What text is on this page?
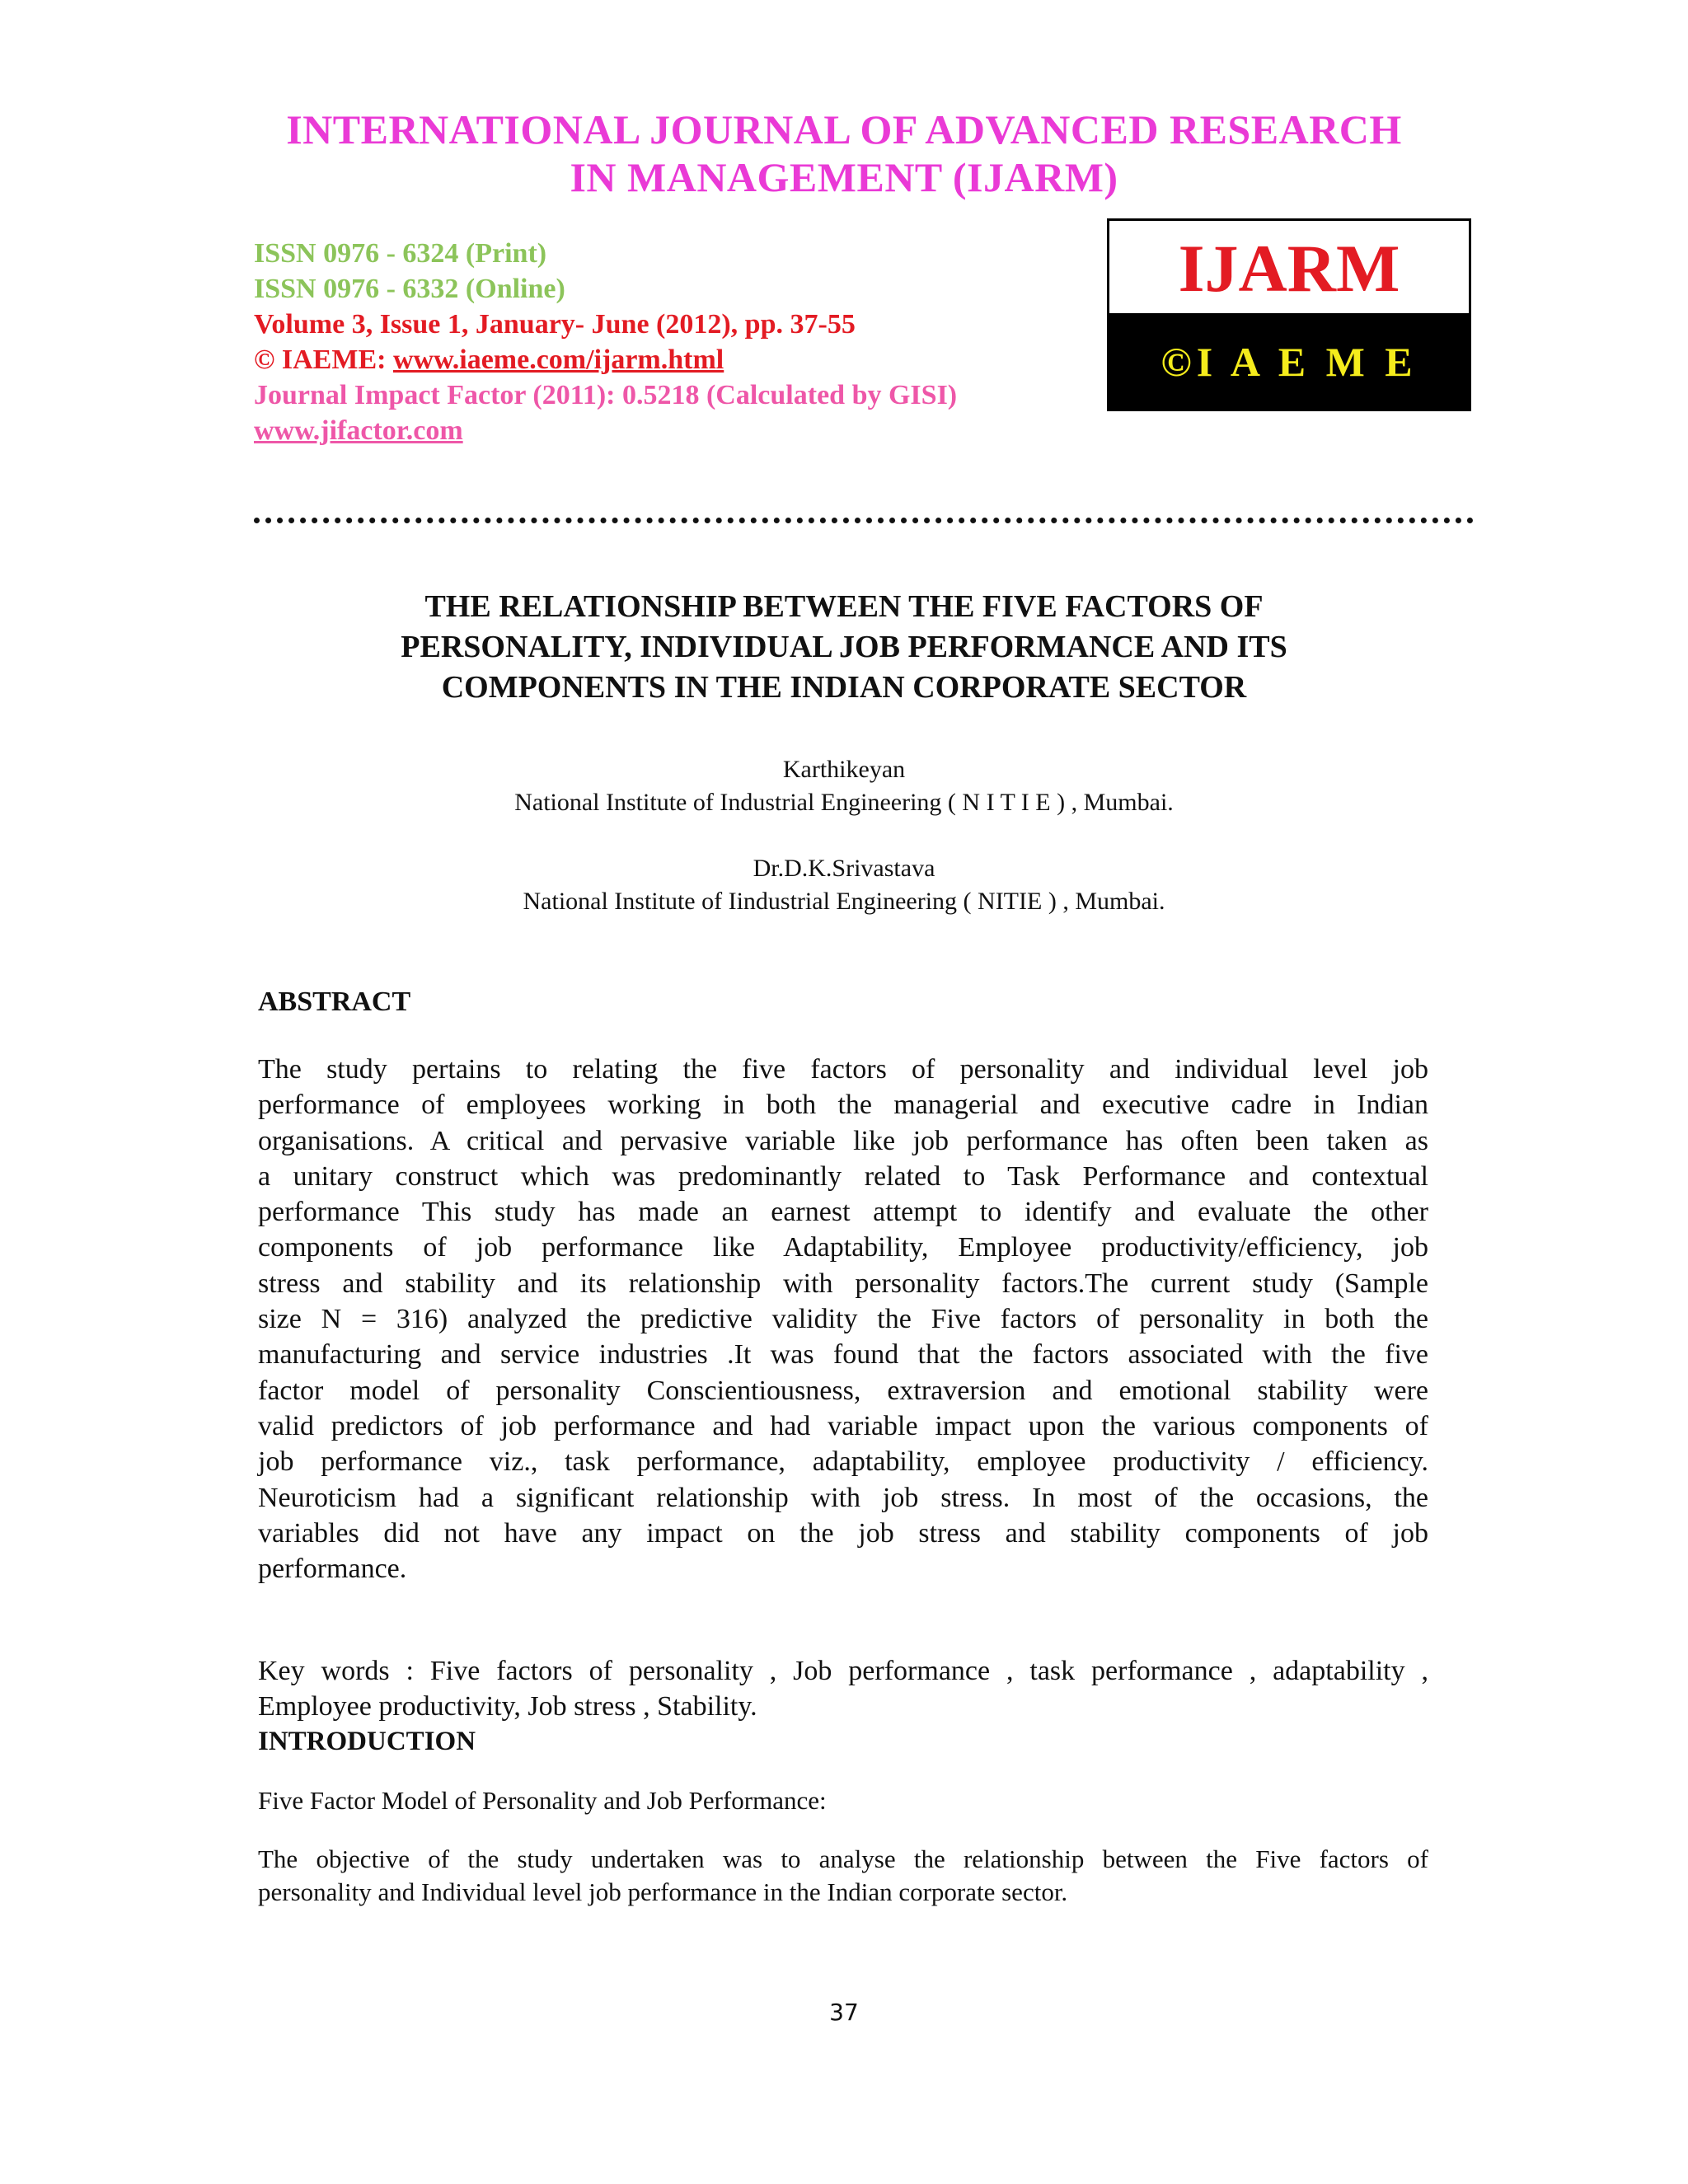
INTERNATIONAL JOURNAL OF ADVANCED RESEARCH
IN MANAGEMENT (IJARM)
ISSN 0976 - 6324 (Print)
ISSN 0976 - 6332 (Online)
Volume 3, Issue 1, January- June (2012), pp. 37-55
© IAEME: www.iaeme.com/ijarm.html
Journal Impact Factor (2011): 0.5218 (Calculated by GISI)
www.jifactor.com
IJARM
©I A E M E
THE RELATIONSHIP BETWEEN THE FIVE FACTORS OF
PERSONALITY, INDIVIDUAL JOB PERFORMANCE AND ITS
COMPONENTS IN THE INDIAN CORPORATE SECTOR
Karthikeyan
National Institute of Industrial Engineering ( N I T I E ) , Mumbai.
Dr.D.K.Srivastava
National Institute of Iindustrial Engineering ( NITIE ) , Mumbai.
ABSTRACT
The study pertains to relating the five factors of personality and individual level job
performance of employees working in both the managerial and executive cadre in Indian
organisations. A critical and pervasive variable like job performance has often been taken as
a unitary construct which was predominantly related to Task Performance and contextual
performance This study has made an earnest attempt to identify and evaluate the other
components of job performance like Adaptability, Employee productivity/efficiency, job
stress and stability and its relationship with personality factors.The current study (Sample
size N = 316) analyzed the predictive validity the Five factors of personality in both the
manufacturing and service industries .It was found that the factors associated with the five
factor model of personality Conscientiousness, extraversion and emotional stability were
valid predictors of job performance and had variable impact upon the various components of
job performance viz., task performance, adaptability, employee productivity / efficiency.
Neuroticism had a significant relationship with job stress. In most of the occasions, the
variables did not have any impact on the job stress and stability components of job
performance.
Key words : Five factors of personality , Job performance , task performance , adaptability ,
Employee productivity, Job stress , Stability.
INTRODUCTION
Five Factor Model of Personality and Job Performance:
The objective of the study undertaken was to analyse the relationship between the Five factors of
personality and Individual level job performance in the Indian corporate sector.
37
